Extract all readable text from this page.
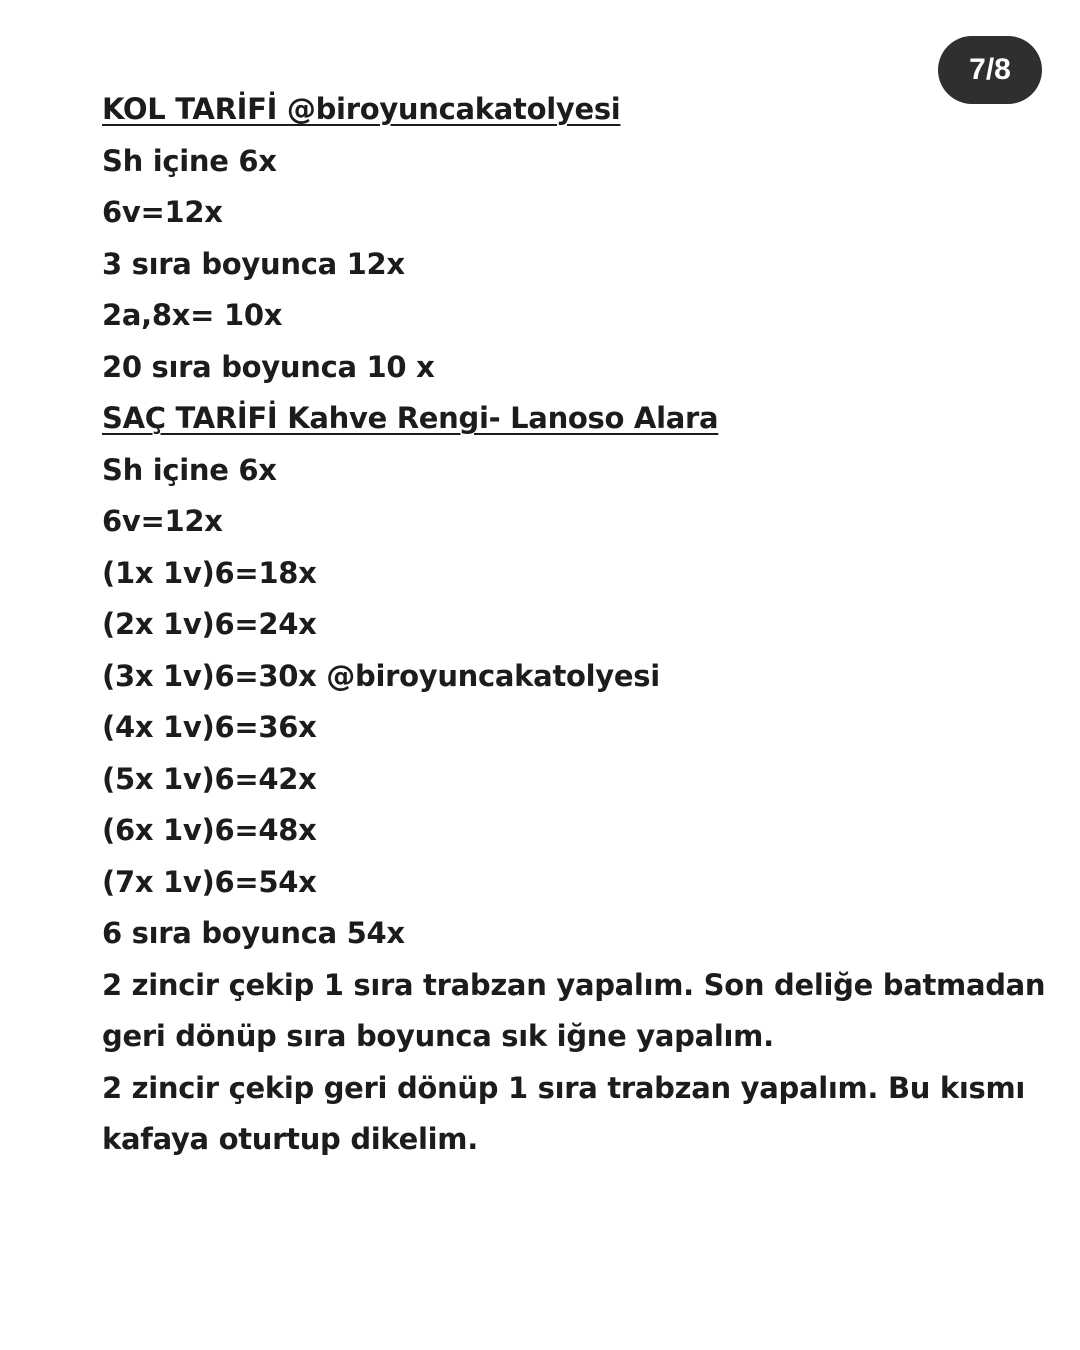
7/8
KOL TARİFİ @biroyuncakatolyesi
Sh içine 6x
6v=12x
3 sıra boyunca 12x
2a,8x= 10x
20 sıra boyunca 10 x
SAÇ TARİFİ Kahve Rengi- Lanoso Alara
Sh içine 6x
6v=12x
(1x 1v)6=18x
(2x 1v)6=24x
(3x 1v)6=30x @biroyuncakatolyesi
(4x 1v)6=36x
(5x 1v)6=42x
(6x 1v)6=48x
(7x 1v)6=54x
6 sıra boyunca 54x
2 zincir çekip 1 sıra trabzan yapalım. Son deliğe batmadan geri dönüp sıra boyunca sık iğne yapalım.
2 zincir çekip geri dönüp 1 sıra trabzan yapalım. Bu kısmı kafaya oturtup dikelim.
